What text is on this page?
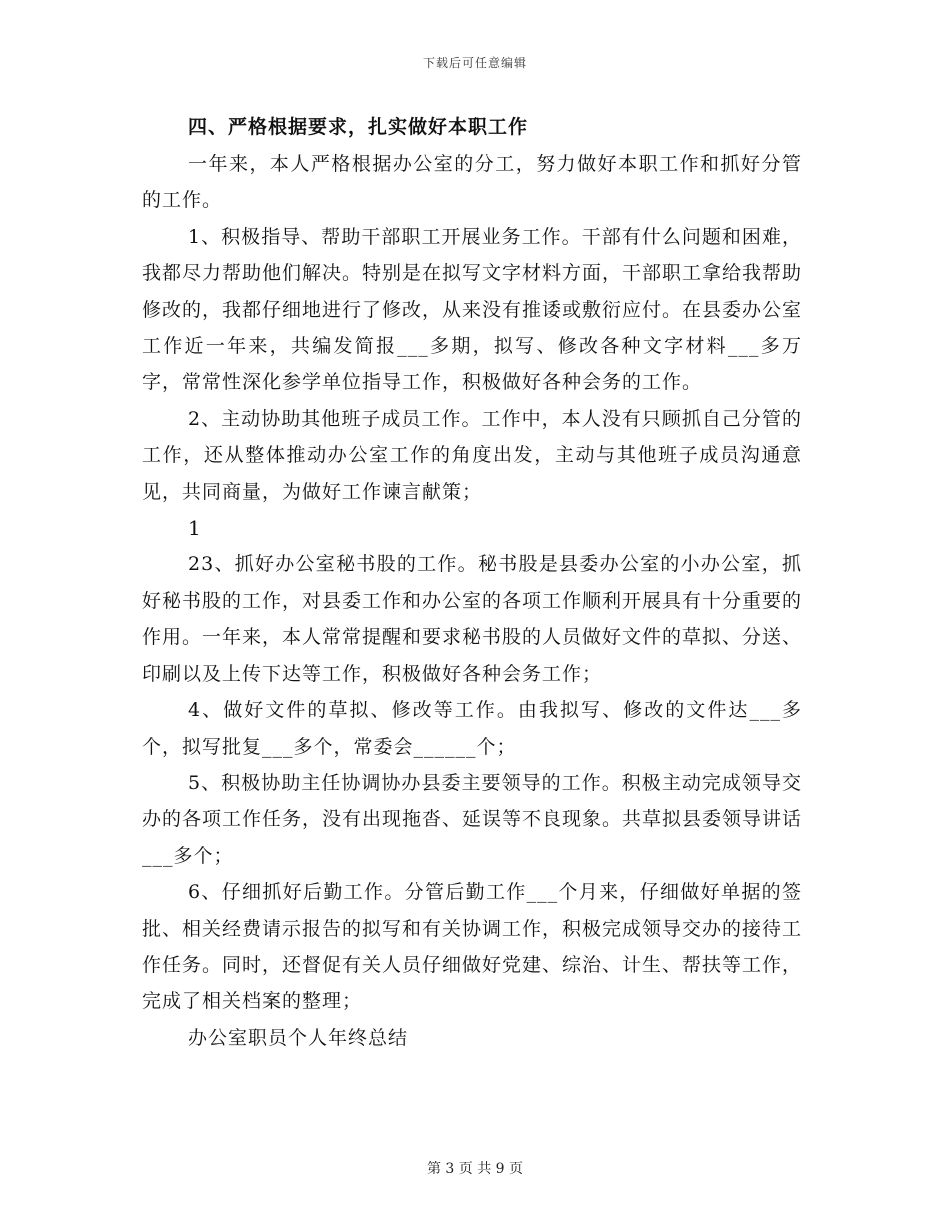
下载后可任意编辑

四、严格根据要求，扎实做好本职工作

一年来，本人严格根据办公室的分工，努力做好本职工作和抓好分管的工作。

1、积极指导、帮助干部职工开展业务工作。干部有什么问题和困难，我都尽力帮助他们解决。特别是在拟写文字材料方面，干部职工拿给我帮助修改的，我都仔细地进行了修改，从来没有推诿或敷衍应付。在县委办公室工作近一年来，共编发简报___多期，拟写、修改各种文字材料___多万字，常常性深化参学单位指导工作，积极做好各种会务的工作。

2、主动协助其他班子成员工作。工作中，本人没有只顾抓自己分管的工作，还从整体推动办公室工作的角度出发，主动与其他班子成员沟通意见，共同商量，为做好工作谏言献策；

1

23、抓好办公室秘书股的工作。秘书股是县委办公室的小办公室，抓好秘书股的工作，对县委工作和办公室的各项工作顺利开展具有十分重要的作用。一年来，本人常常提醒和要求秘书股的人员做好文件的草拟、分送、印刷以及上传下达等工作，积极做好各种会务工作；

4、做好文件的草拟、修改等工作。由我拟写、修改的文件达___多个，拟写批复___多个，常委会______个；

5、积极协助主任协调协办县委主要领导的工作。积极主动完成领导交办的各项工作任务，没有出现拖沓、延误等不良现象。共草拟县委领导讲话___多个；

6、仔细抓好后勤工作。分管后勤工作___个月来，仔细做好单据的签批、相关经费请示报告的拟写和有关协调工作，积极完成领导交办的接待工作任务。同时，还督促有关人员仔细做好党建、综治、计生、帮扶等工作，完成了相关档案的整理；

办公室职员个人年终总结

第 3 页 共 9 页
